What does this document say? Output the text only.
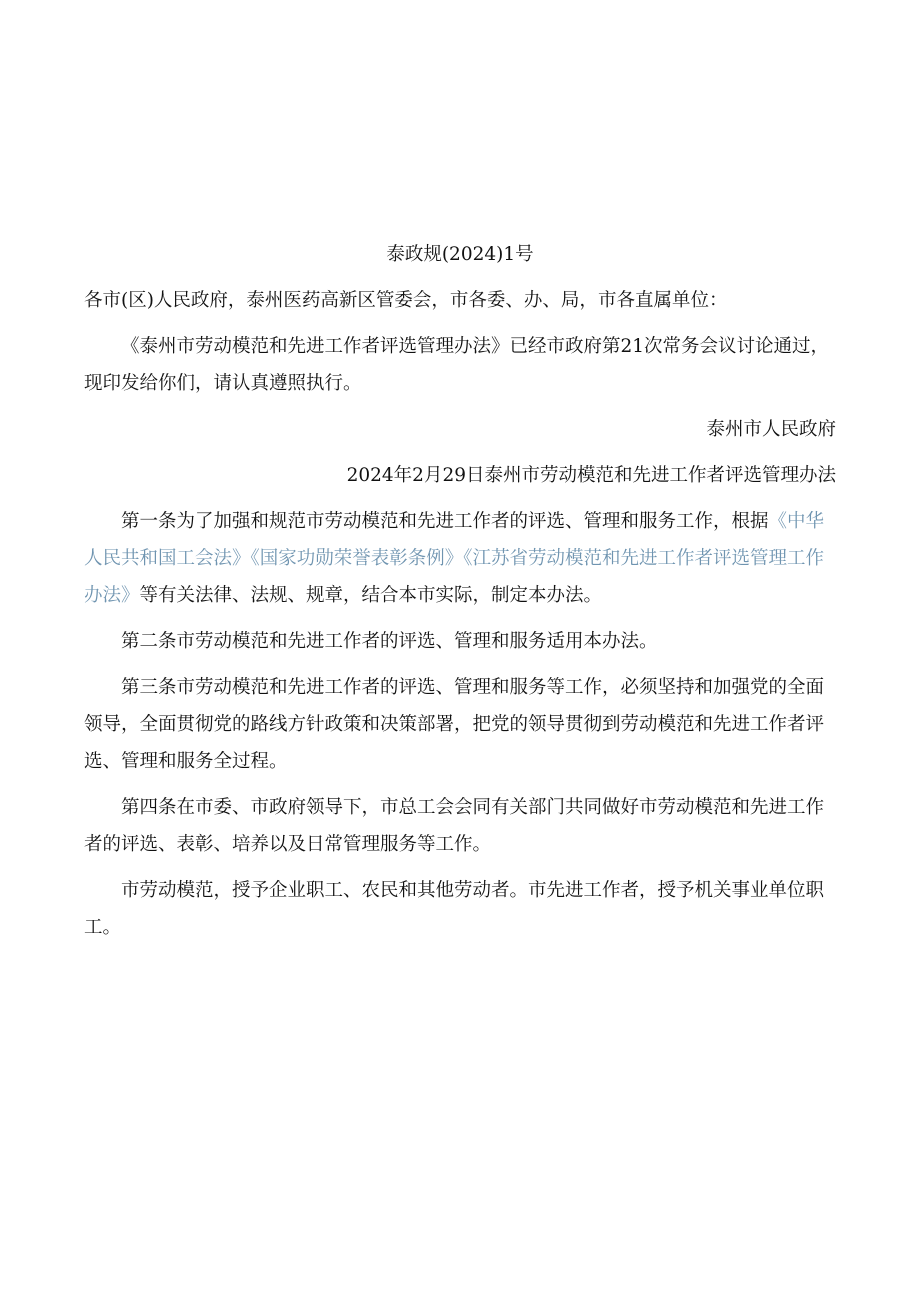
泰政规(2024)1号

各市(区)人民政府，泰州医药高新区管委会，市各委、办、局，市各直属单位：

《泰州市劳动模范和先进工作者评选管理办法》已经市政府第21次常务会议讨论通过，现印发给你们，请认真遵照执行。

泰州市人民政府

2024年2月29日泰州市劳动模范和先进工作者评选管理办法

第一条为了加强和规范市劳动模范和先进工作者的评选、管理和服务工作，根据《中华人民共和国工会法》《国家功勋荣誉表彰条例》《江苏省劳动模范和先进工作者评选管理工作办法》等有关法律、法规、规章，结合本市实际，制定本办法。

第二条市劳动模范和先进工作者的评选、管理和服务适用本办法。

第三条市劳动模范和先进工作者的评选、管理和服务等工作，必须坚持和加强党的全面领导，全面贯彻党的路线方针政策和决策部署，把党的领导贯彻到劳动模范和先进工作者评选、管理和服务全过程。

第四条在市委、市政府领导下，市总工会会同有关部门共同做好市劳动模范和先进工作者的评选、表彰、培养以及日常管理服务等工作。

市劳动模范，授予企业职工、农民和其他劳动者。市先进工作者，授予机关事业单位职工。
